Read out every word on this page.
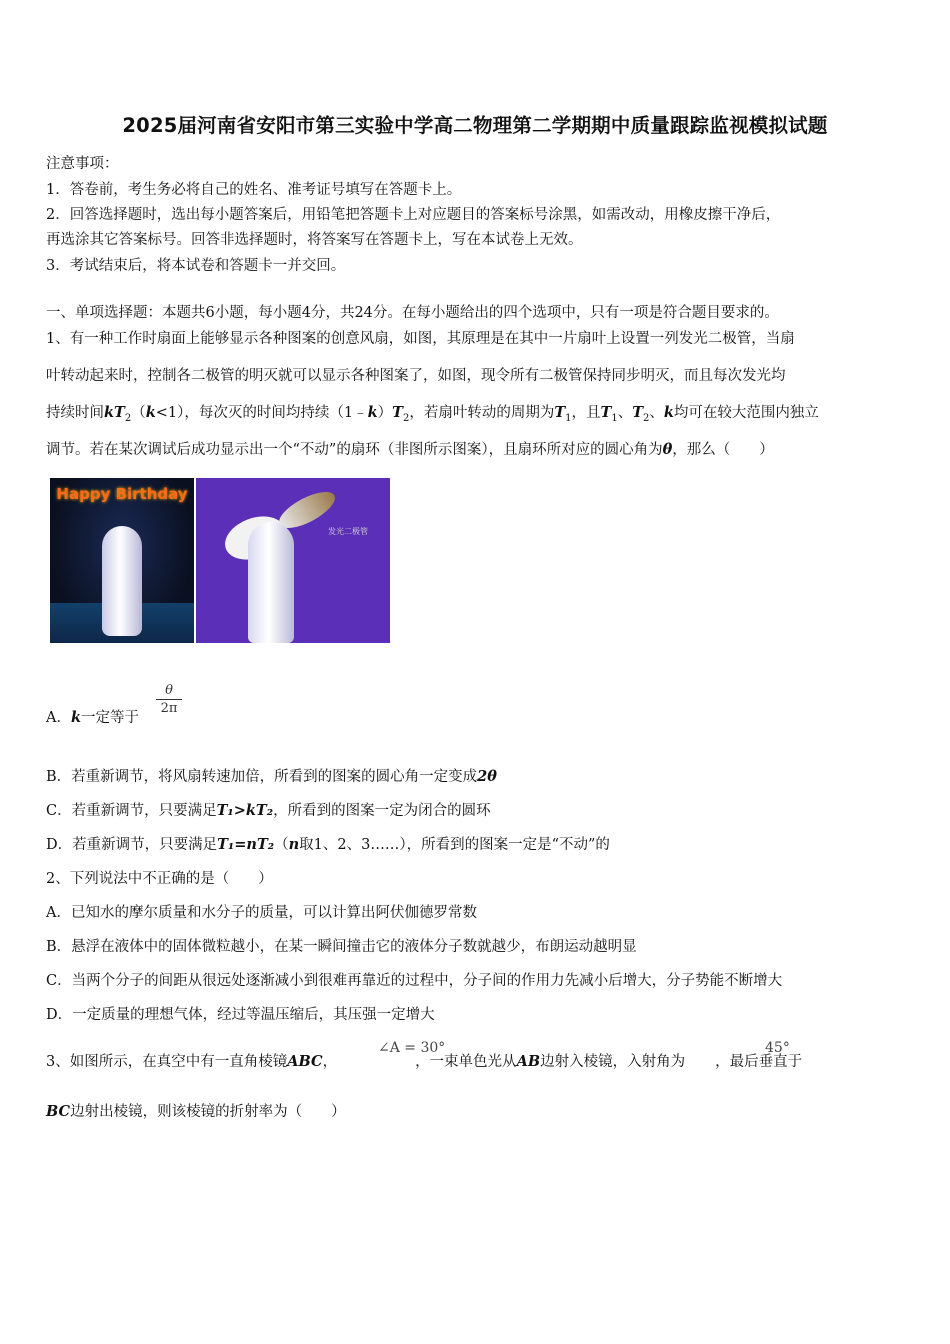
2025届河南省安阳市第三实验中学高二物理第二学期期中质量跟踪监视模拟试题
注意事项：
1．答卷前，考生务必将自己的姓名、准考证号填写在答题卡上。
2．回答选择题时，选出每小题答案后，用铅笔把答题卡上对应题目的答案标号涂黑，如需改动，用橡皮擦干净后，
再选涂其它答案标号。回答非选择题时，将答案写在答题卡上，写在本试卷上无效。
3．考试结束后，将本试卷和答题卡一并交回。
一、单项选择题：本题共6小题，每小题4分，共24分。在每小题给出的四个选项中，只有一项是符合题目要求的。
1、有一种工作时扇面上能够显示各种图案的创意风扇，如图，其原理是在其中一片扇叶上设置一列发光二极管，当扇
叶转动起来时，控制各二极管的明灭就可以显示各种图案了，如图，现令所有二极管保持同步明灭，而且每次发光均
持续时间$kT_2(k<1)$，每次灭的时间均持续$(1﹣k)T_2$，若扇叶转动的周期为$T_1$，且$T_1$、$T_2$、k均可在较大范围内独立
调节。若在某次调试后成功显示出一个“不动”的扇环（非图所示图案），且扇环所对应的圆心角为θ，那么（　　）
Happy Birthday
发光二极管
A．k一定等于
θ
2π
B．若重新调节，将风扇转速加倍，所看到的图案的圆心角一定变成2θ
C．若重新调节，只要满足T₁>kT₂，所看到的图案一定为闭合的圆环
D．若重新调节，只要满足T₁=nT₂（n取1、2、3……），所看到的图案一定是“不动”的
2、下列说法中不正确的是（　　）
A．已知水的摩尔质量和水分子的质量，可以计算出阿伏伽德罗常数
B．悬浮在液体中的固体微粒越小，在某一瞬间撞击它的液体分子数就越少，布朗运动越明显
C．当两个分子的间距从很远处逐渐减小到很难再靠近的过程中，分子间的作用力先减小后增大，分子势能不断增大
D．一定质量的理想气体，经过等温压缩后，其压强一定增大
3、如图所示，在真空中有一直角棱镜ABC，	，一束单色光从AB边射入棱镜，入射角为 ，最后垂直于
∠A = 30°	45°
BC边射出棱镜，则该棱镜的折射率为（　　）
